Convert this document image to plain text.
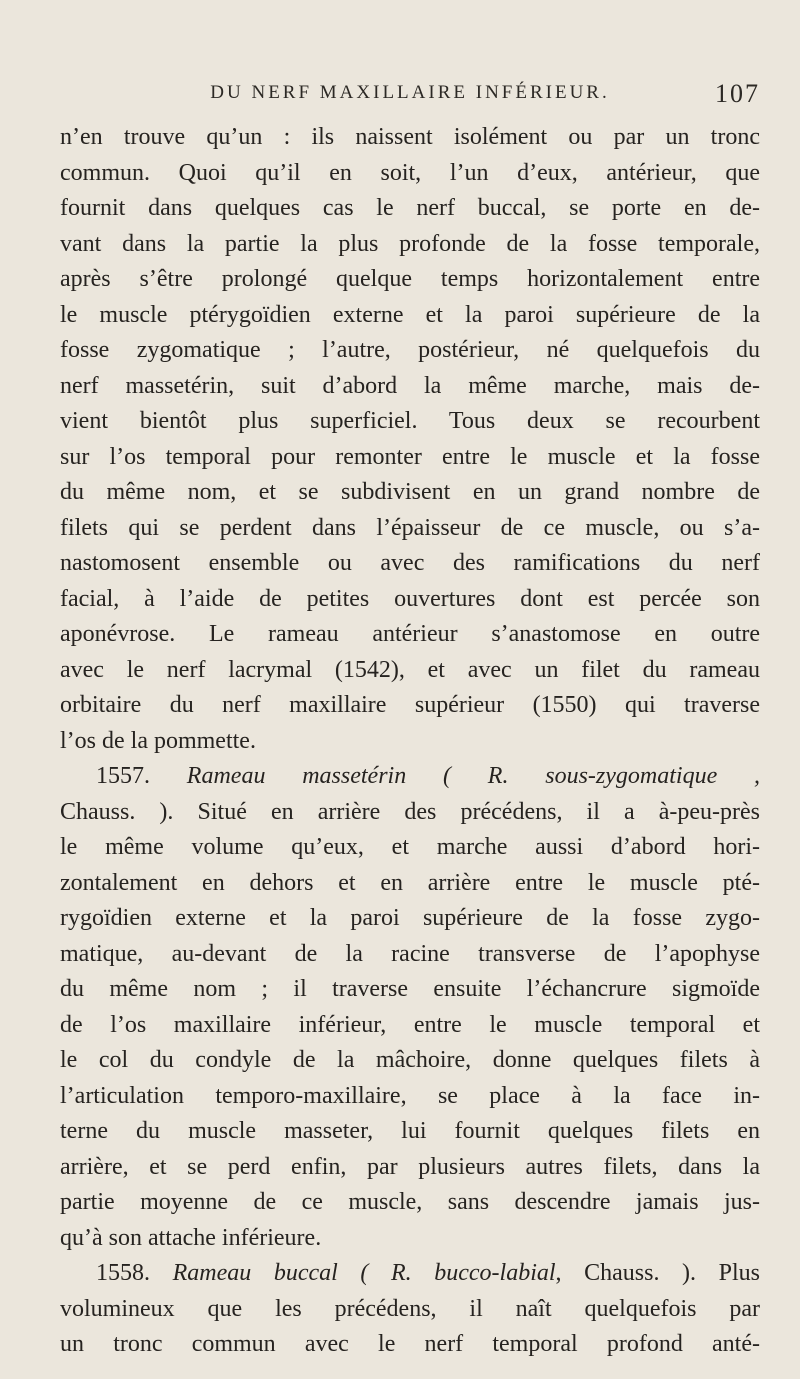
DU NERF MAXILLAIRE INFÉRIEUR.	107
n’en trouve qu’un : ils naissent isolément ou par un tronc
commun. Quoi qu’il en soit, l’un d’eux, antérieur, que
fournit dans quelques cas le nerf buccal, se porte en de-
vant dans la partie la plus profonde de la fosse temporale,
après s’être prolongé quelque temps horizontalement entre
le muscle ptérygoïdien externe et la paroi supérieure de la
fosse zygomatique ; l’autre, postérieur, né quelquefois du
nerf massetérin, suit d’abord la même marche, mais de-
vient bientôt plus superficiel. Tous deux se recourbent
sur l’os temporal pour remonter entre le muscle et la fosse
du même nom, et se subdivisent en un grand nombre de
filets qui se perdent dans l’épaisseur de ce muscle, ou s’a-
nastomosent ensemble ou avec des ramifications du nerf
facial, à l’aide de petites ouvertures dont est percée son
aponévrose. Le rameau antérieur s’anastomose en outre
avec le nerf lacrymal (1542), et avec un filet du rameau
orbitaire du nerf maxillaire supérieur (1550) qui traverse
l’os de la pommette.
1557. Rameau massetérin ( R. sous-zygomatique ,
Chauss. ). Situé en arrière des précédens, il a à-peu-près
le même volume qu’eux, et marche aussi d’abord hori-
zontalement en dehors et en arrière entre le muscle pté-
rygoïdien externe et la paroi supérieure de la fosse zygo-
matique, au-devant de la racine transverse de l’apophyse
du même nom ; il traverse ensuite l’échancrure sigmoïde
de l’os maxillaire inférieur, entre le muscle temporal et
le col du condyle de la mâchoire, donne quelques filets à
l’articulation temporo-maxillaire, se place à la face in-
terne du muscle masseter, lui fournit quelques filets en
arrière, et se perd enfin, par plusieurs autres filets, dans la
partie moyenne de ce muscle, sans descendre jamais jus-
qu’à son attache inférieure.
1558. Rameau buccal ( R. bucco-labial, Chauss. ). Plus
volumineux que les précédens, il naît quelquefois par
un tronc commun avec le nerf temporal profond anté-
